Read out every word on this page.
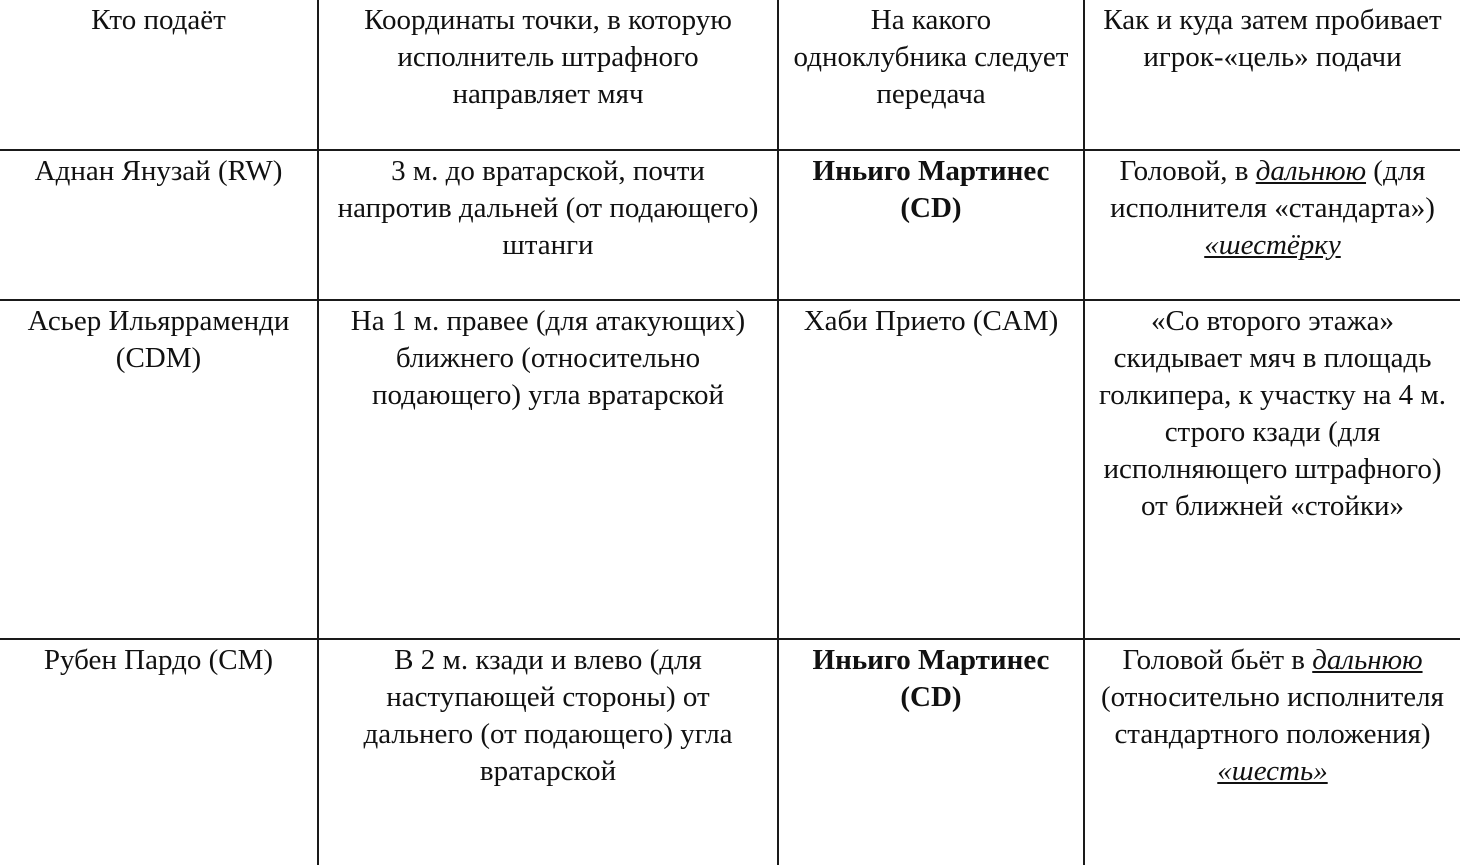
Кто подаёт	Координаты точки, в которую исполнитель штрафного направляет мяч	На какого одноклубника следует передача	Как и куда затем пробивает игрок-«цель» подачи
Аднан Янузай (RW)	3 м. до вратарской, почти напротив дальней (от подающего) штанги	Иньиго Мартинес (CD)	Головой, в дальнюю (для исполнителя «стандарта») «шестёрку
Асьер Ильярраменди (CDM)	На 1 м. правее (для атакующих) ближнего (относительно подающего) угла вратарской	Хаби Прието (CAM)	«Со второго этажа» скидывает мяч в площадь голкипера, к участку на 4 м. строго кзади (для исполняющего штрафного) от ближней «стойки»
Рубен Пардо (CM)	В 2 м. кзади и влево (для наступающей стороны) от дальнего (от подающего) угла вратарской	Иньиго Мартинес (CD)	Головой бьёт в дальнюю (относительно исполнителя стандартного положения) «шесть»
